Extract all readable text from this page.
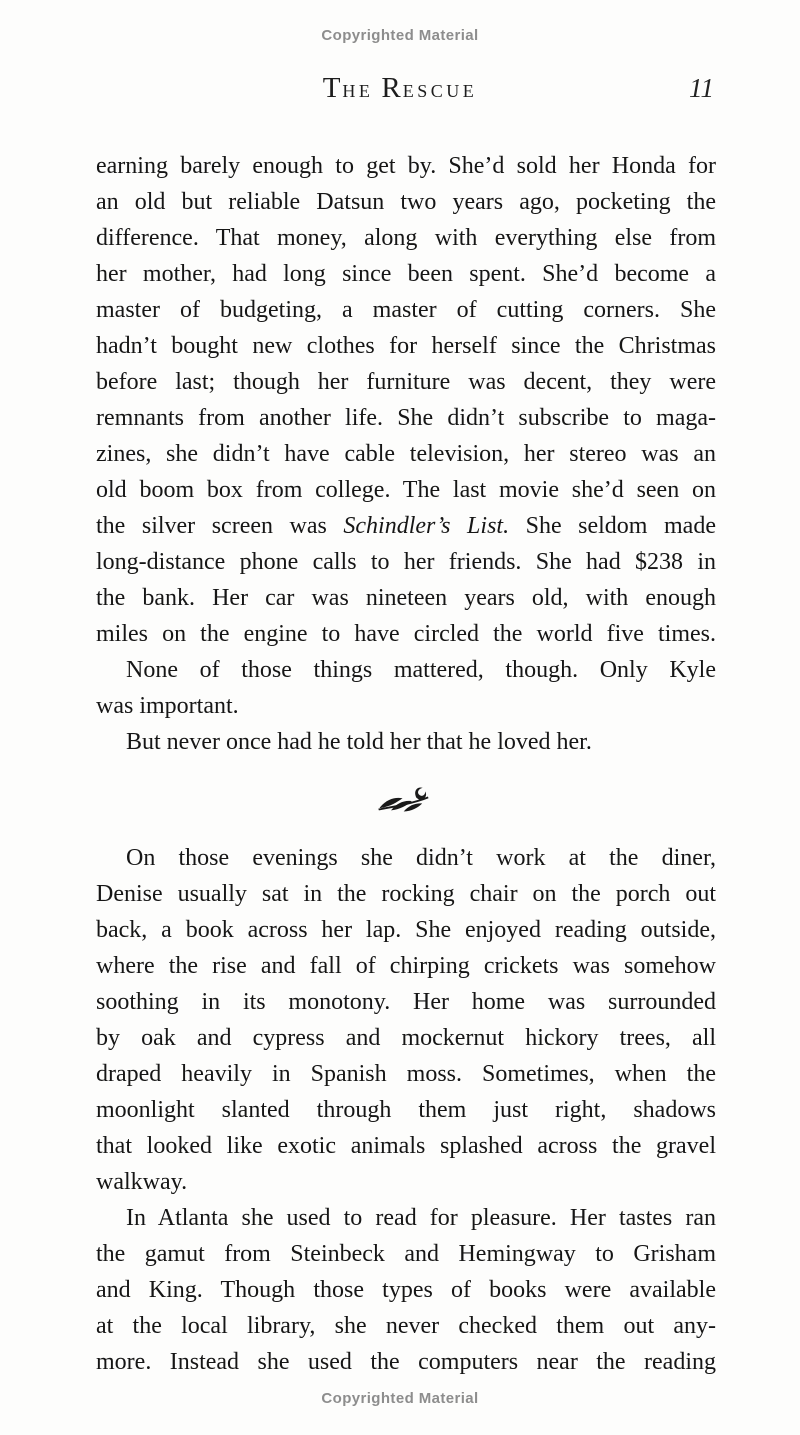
Copyrighted Material
THE RESCUE	11
earning barely enough to get by. She’d sold her Honda for
an old but reliable Datsun two years ago, pocketing the
difference. That money, along with everything else from
her mother, had long since been spent. She’d become a
master of budgeting, a master of cutting corners. She
hadn’t bought new clothes for herself since the Christmas
before last; though her furniture was decent, they were
remnants from another life. She didn’t subscribe to maga-
zines, she didn’t have cable television, her stereo was an
old boom box from college. The last movie she’d seen on
the silver screen was Schindler’s List. She seldom made
long-distance phone calls to her friends. She had $238 in
the bank. Her car was nineteen years old, with enough
miles on the engine to have circled the world five times.
None of those things mattered, though. Only Kyle
was important.
But never once had he told her that he loved her.
On those evenings she didn’t work at the diner,
Denise usually sat in the rocking chair on the porch out
back, a book across her lap. She enjoyed reading outside,
where the rise and fall of chirping crickets was somehow
soothing in its monotony. Her home was surrounded
by oak and cypress and mockernut hickory trees, all
draped heavily in Spanish moss. Sometimes, when the
moonlight slanted through them just right, shadows
that looked like exotic animals splashed across the gravel
walkway.
In Atlanta she used to read for pleasure. Her tastes ran
the gamut from Steinbeck and Hemingway to Grisham
and King. Though those types of books were available
at the local library, she never checked them out any-
more. Instead she used the computers near the reading
Copyrighted Material
